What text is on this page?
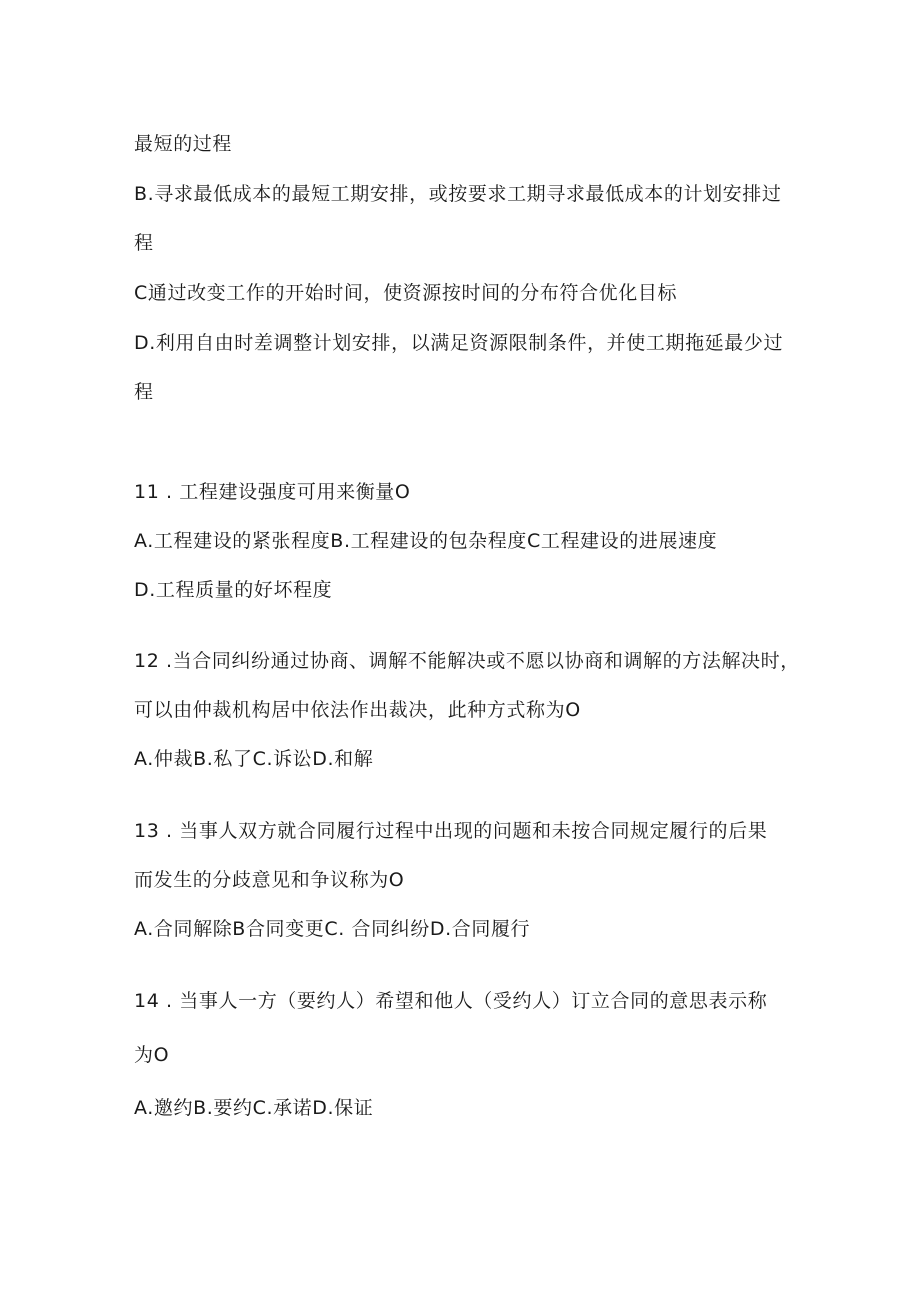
最短的过程
B.寻求最低成本的最短工期安排，或按要求工期寻求最低成本的计划安排过
程
C通过改变工作的开始时间，使资源按时间的分布符合优化目标
D.利用自由时差调整计划安排，以满足资源限制条件，并使工期拖延最少过
程
11 . 工程建设强度可用来衡量O
A.工程建设的紧张程度B.工程建设的包杂程度C工程建设的进展速度
D.工程质量的好坏程度
12 .当合同纠纷通过协商、调解不能解决或不愿以协商和调解的方法解决时，
可以由仲裁机构居中依法作出裁决，此种方式称为O
A.仲裁B.私了C.诉讼D.和解
13 . 当事人双方就合同履行过程中出现的问题和未按合同规定履行的后果
而发生的分歧意见和争议称为O
A.合同解除B合同变更C. 合同纠纷D.合同履行
14 . 当事人一方（要约人）希望和他人（受约人）订立合同的意思表示称
为O
A.邀约B.要约C.承诺D.保证
